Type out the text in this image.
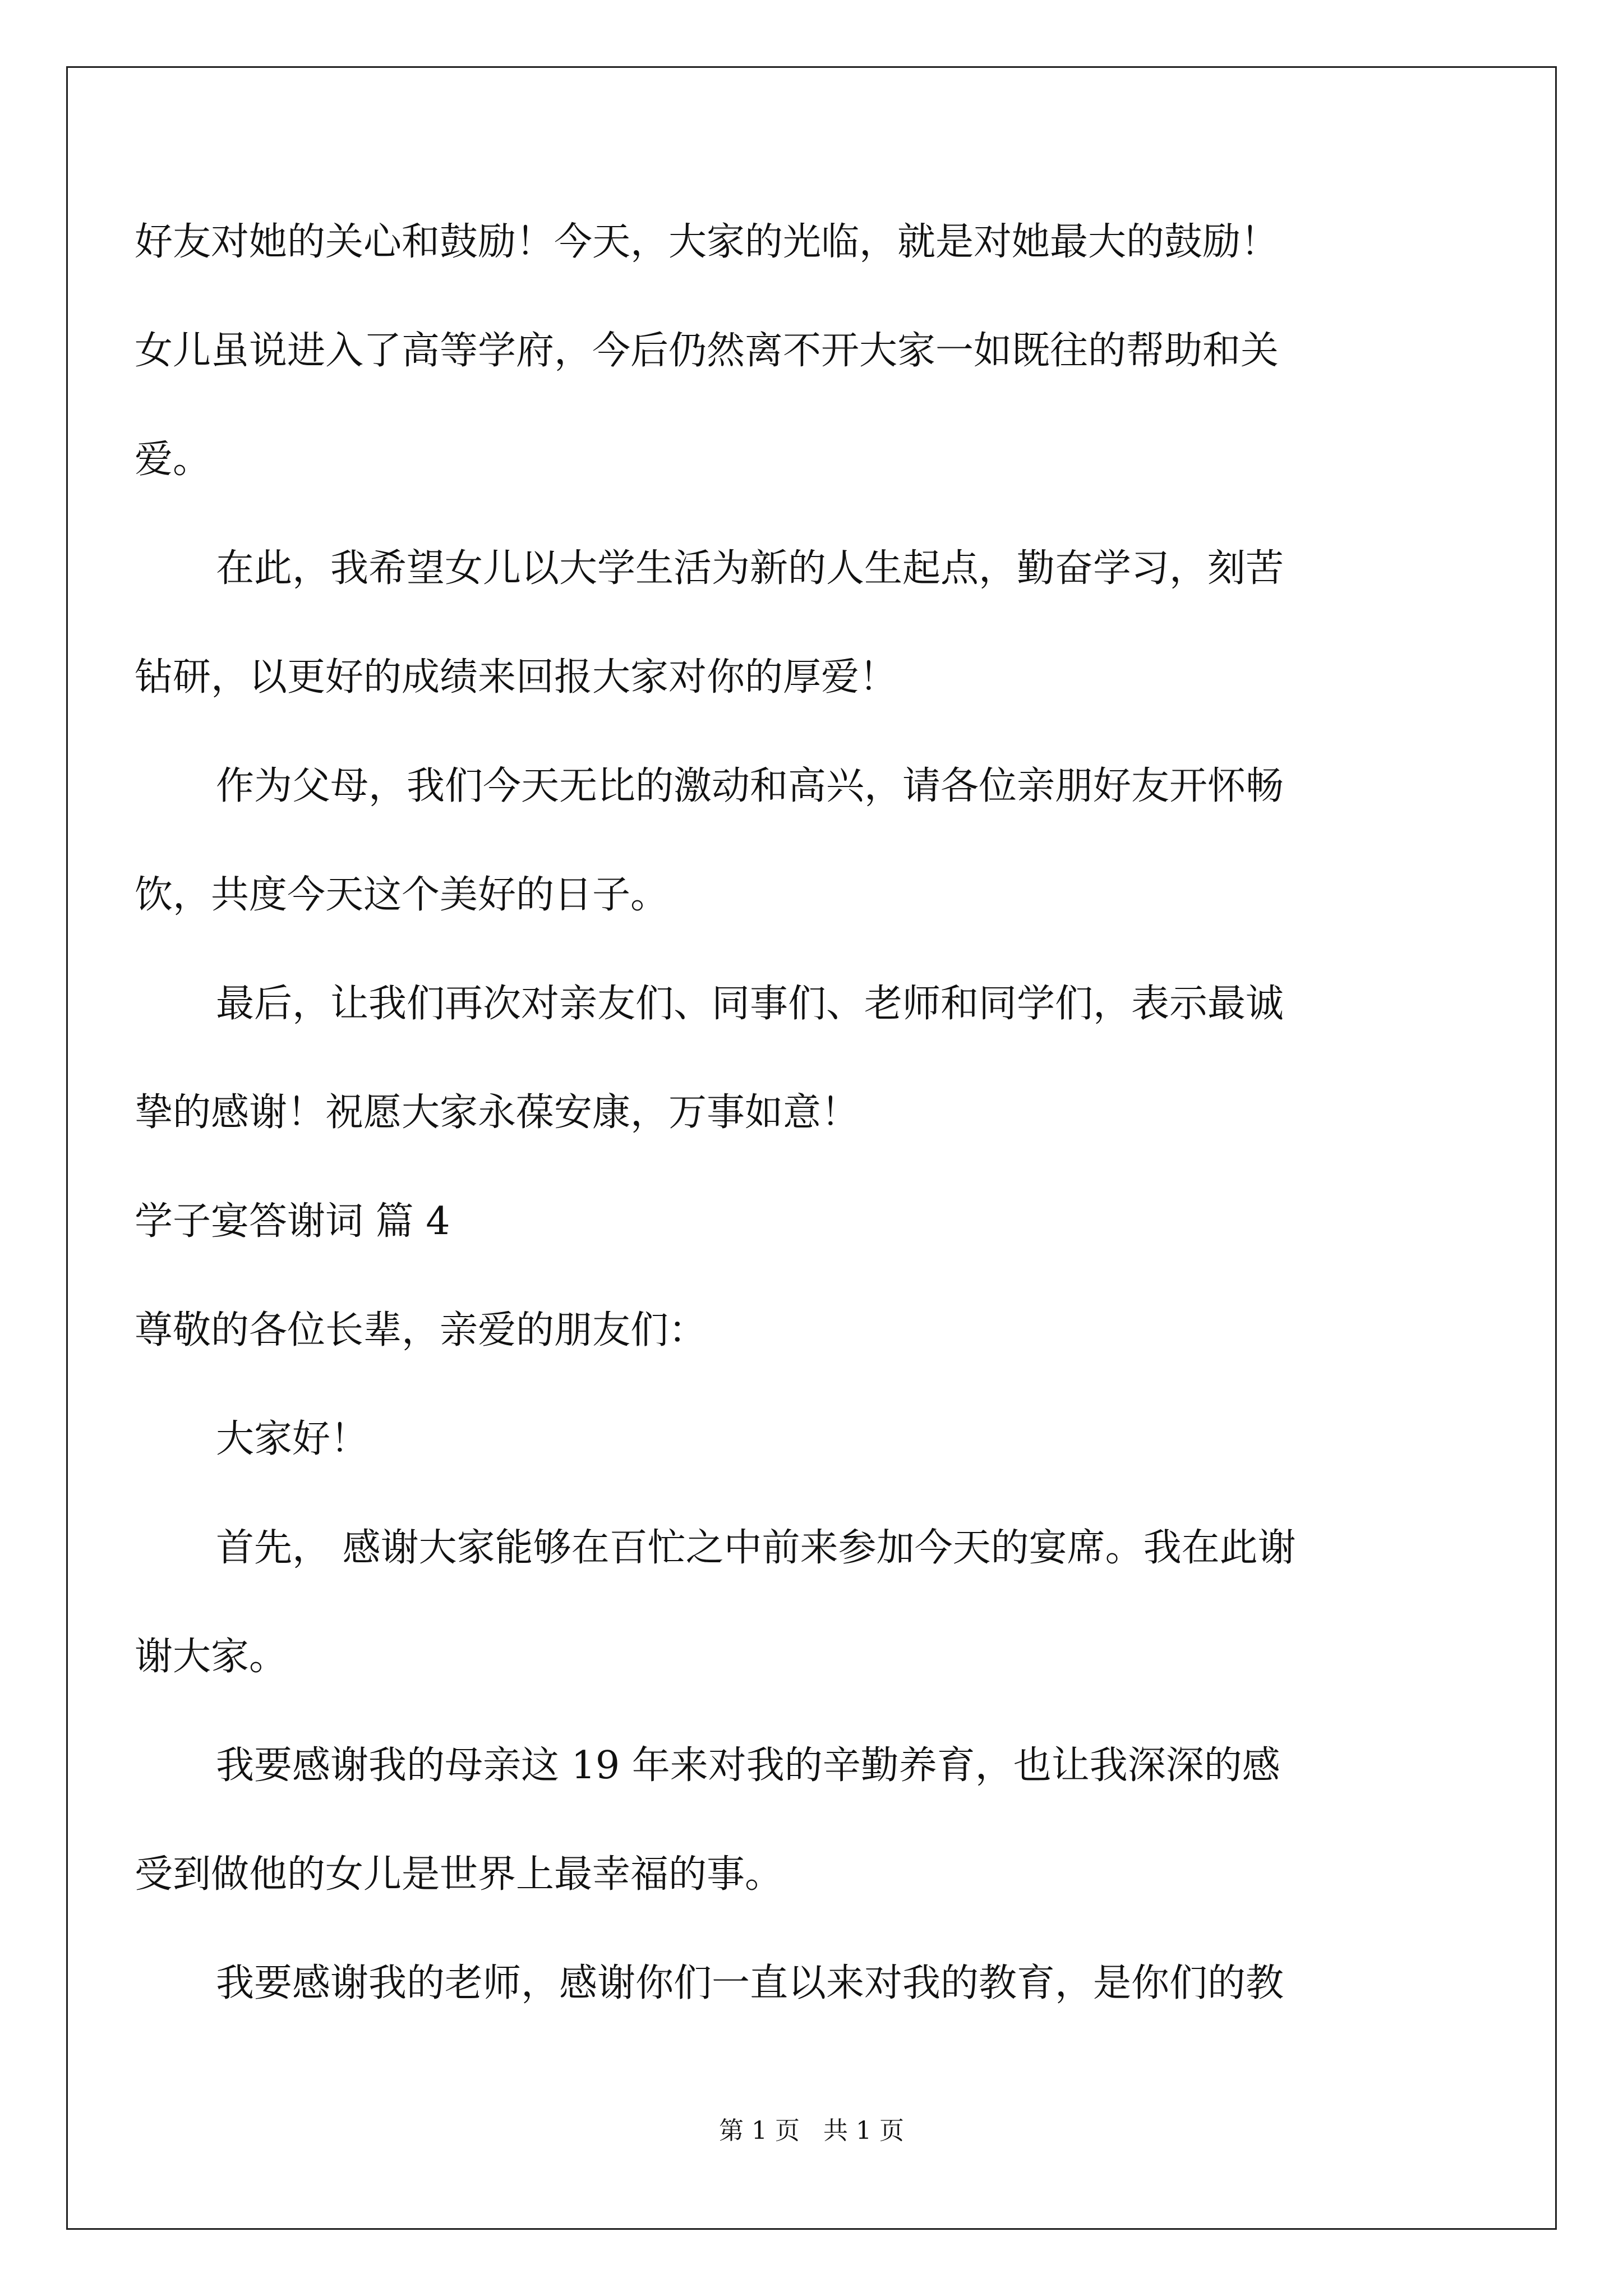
好友对她的关心和鼓励！今天，大家的光临，就是对她最大的鼓励！
女儿虽说进入了高等学府，今后仍然离不开大家一如既往的帮助和关
爱。
在此，我希望女儿以大学生活为新的人生起点，勤奋学习，刻苦
钻研，以更好的成绩来回报大家对你的厚爱！
作为父母，我们今天无比的激动和高兴，请各位亲朋好友开怀畅
饮，共度今天这个美好的日子。
最后，让我们再次对亲友们、同事们、老师和同学们，表示最诚
挚的感谢！祝愿大家永葆安康，万事如意！
学子宴答谢词 篇 4
尊敬的各位长辈，亲爱的朋友们：
大家好！
首先， 感谢大家能够在百忙之中前来参加今天的宴席。我在此谢
谢大家。
我要感谢我的母亲这 19 年来对我的辛勤养育，也让我深深的感
受到做他的女儿是世界上最幸福的事。
我要感谢我的老师，感谢你们一直以来对我的教育，是你们的教
第 1 页   共 1 页
